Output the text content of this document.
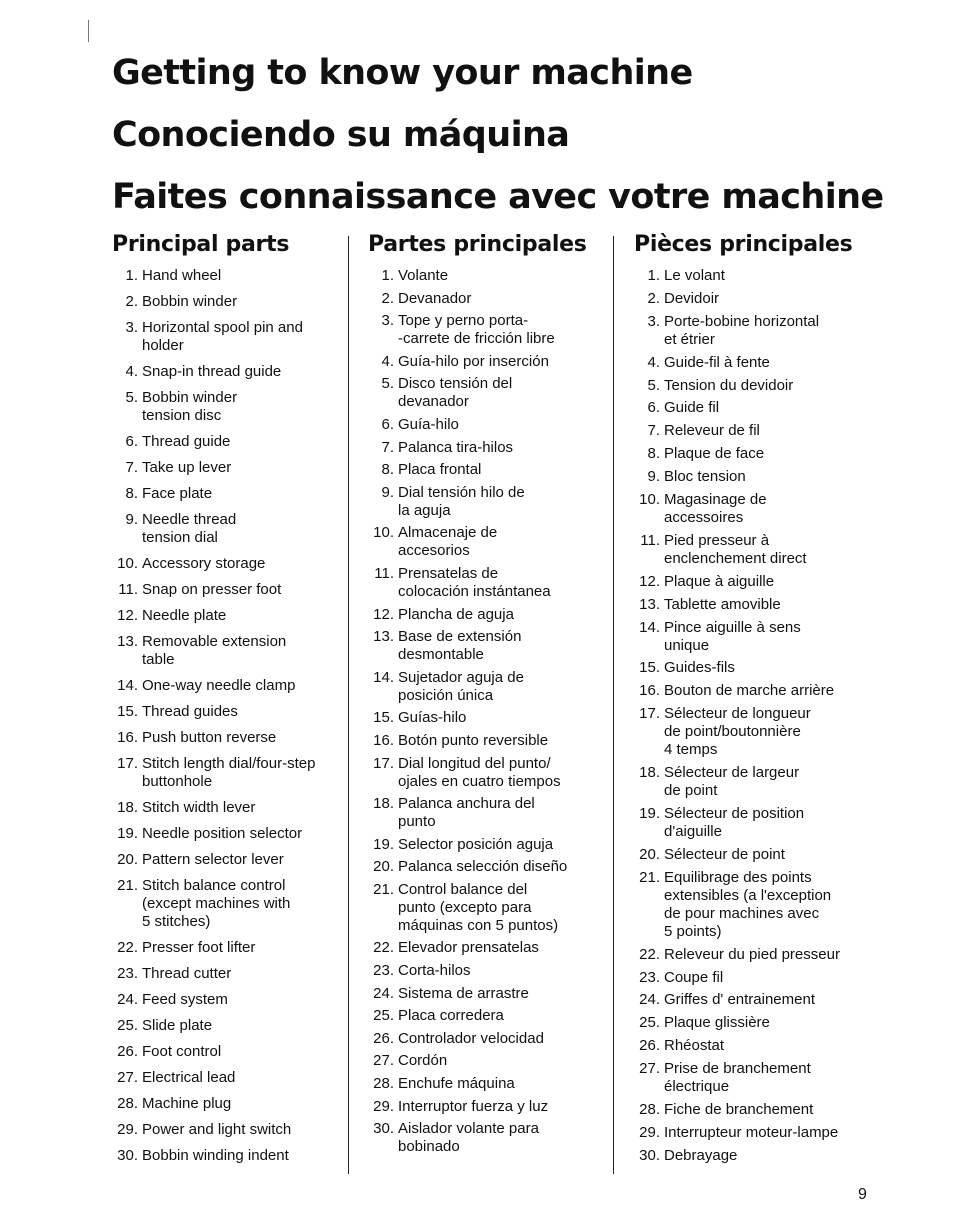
Getting to know your machine
Conociendo su máquina
Faites connaissance avec votre machine
Principal parts
1. Hand wheel
2. Bobbin winder
3. Horizontal spool pin and
holder
4. Snap-in thread guide
5. Bobbin winder
tension disc
6. Thread guide
7. Take up lever
8. Face plate
9. Needle thread
tension dial
10. Accessory storage
11. Snap on presser foot
12. Needle plate
13. Removable extension
table
14. One-way needle clamp
15. Thread guides
16. Push button reverse
17. Stitch length dial/four-step
buttonhole
18. Stitch width lever
19. Needle position selector
20. Pattern selector lever
21. Stitch balance control
(except machines with
5 stitches)
22. Presser foot lifter
23. Thread cutter
24. Feed system
25. Slide plate
26. Foot control
27. Electrical lead
28. Machine plug
29. Power and light switch
30. Bobbin winding indent
Partes principales
1. Volante
2. Devanador
3. Tope y perno porta-
-carrete de fricción libre
4. Guía-hilo por inserción
5. Disco tensión del
devanador
6. Guía-hilo
7. Palanca tira-hilos
8. Placa frontal
9. Dial tensión hilo de
la aguja
10. Almacenaje de
accesorios
11. Prensatelas de
colocación instántanea
12. Plancha de aguja
13. Base de extensión
desmontable
14. Sujetador aguja de
posición única
15. Guías-hilo
16. Botón punto reversible
17. Dial longitud del punto/
ojales en cuatro tiempos
18. Palanca anchura del
punto
19. Selector posición aguja
20. Palanca selección diseño
21. Control balance del
punto (excepto para
máquinas con 5 puntos)
22. Elevador prensatelas
23. Corta-hilos
24. Sistema de arrastre
25. Placa corredera
26. Controlador velocidad
27. Cordón
28. Enchufe máquina
29. Interruptor fuerza y luz
30. Aislador volante para
bobinado
Pièces principales
1. Le volant
2. Devidoir
3. Porte-bobine horizontal
et étrier
4. Guide-fil à fente
5. Tension du devidoir
6. Guide fil
7. Releveur de fil
8. Plaque de face
9. Bloc tension
10. Magasinage de
accessoires
11. Pied presseur à
enclenchement direct
12. Plaque à aiguille
13. Tablette amovible
14. Pince aiguille à sens
unique
15. Guides-fils
16. Bouton de marche arrière
17. Sélecteur de longueur
de point/boutonnière
4 temps
18. Sélecteur de largeur
de point
19. Sélecteur de position
d'aiguille
20. Sélecteur de point
21. Equilibrage des points
extensibles (a l'exception
de pour machines avec
5 points)
22. Releveur du pied presseur
23. Coupe fil
24. Griffes d' entrainement
25. Plaque glissière
26. Rhéostat
27. Prise de branchement
électrique
28. Fiche de branchement
29. Interrupteur moteur-lampe
30. Debrayage
9
